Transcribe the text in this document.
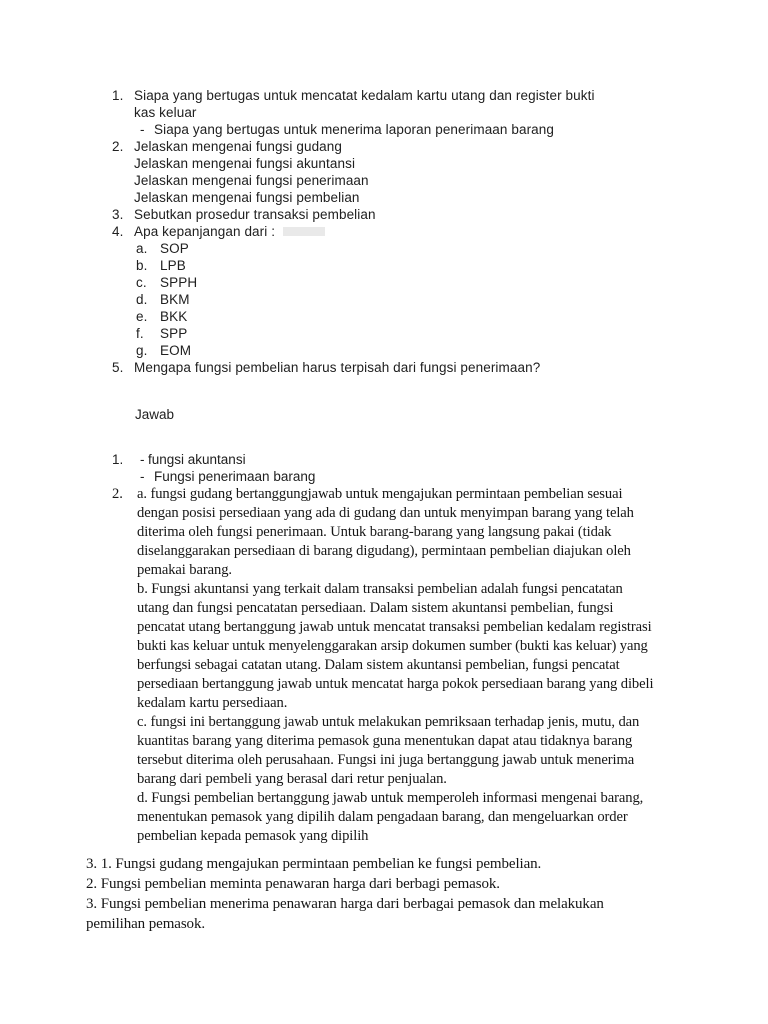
1. Siapa yang bertugas untuk mencatat kedalam kartu utang dan register bukti
kas keluar
- Siapa yang bertugas untuk menerima laporan penerimaan barang
2. Jelaskan mengenai fungsi gudang
Jelaskan mengenai fungsi akuntansi
Jelaskan mengenai fungsi penerimaan
Jelaskan mengenai fungsi pembelian
3. Sebutkan prosedur transaksi pembelian
4. Apa kepanjangan dari :
a. SOP
b. LPB
c. SPPH
d. BKM
e. BKK
f.	SPP
g. EOM
5. Mengapa fungsi pembelian harus terpisah dari fungsi penerimaan?
Jawab
1.	- fungsi akuntansi
- Fungsi penerimaan barang
2. a. fungsi gudang bertanggungjawab untuk mengajukan permintaan pembelian sesuai
dengan posisi persediaan yang ada di gudang dan untuk menyimpan barang yang telah
diterima oleh fungsi penerimaan. Untuk barang-barang yang langsung pakai (tidak
diselanggarakan persediaan di barang digudang), permintaan pembelian diajukan oleh
pemakai barang.
b. Fungsi akuntansi yang terkait dalam transaksi pembelian adalah fungsi pencatatan
utang dan fungsi pencatatan persediaan. Dalam sistem akuntansi pembelian, fungsi
pencatat utang bertanggung jawab untuk mencatat transaksi pembelian kedalam registrasi
bukti kas keluar untuk menyelenggarakan arsip dokumen sumber (bukti kas keluar) yang
berfungsi sebagai catatan utang. Dalam sistem akuntansi pembelian, fungsi pencatat
persediaan bertanggung jawab untuk mencatat harga pokok persediaan barang yang dibeli
kedalam kartu persediaan.
c. fungsi ini bertanggung jawab untuk melakukan pemriksaan terhadap jenis, mutu, dan
kuantitas barang yang diterima pemasok guna menentukan dapat atau tidaknya barang
tersebut diterima oleh perusahaan. Fungsi ini juga bertanggung jawab untuk menerima
barang dari pembeli yang berasal dari retur penjualan.
d. Fungsi pembelian bertanggung jawab untuk memperoleh informasi mengenai barang,
menentukan pemasok yang dipilih dalam pengadaan barang, dan mengeluarkan order
pembelian kepada pemasok yang dipilih
3. 1. Fungsi gudang mengajukan permintaan pembelian ke fungsi pembelian.
2. Fungsi pembelian meminta penawaran harga dari berbagi pemasok.
3. Fungsi pembelian menerima penawaran harga dari berbagai pemasok dan melakukan
pemilihan pemasok.
